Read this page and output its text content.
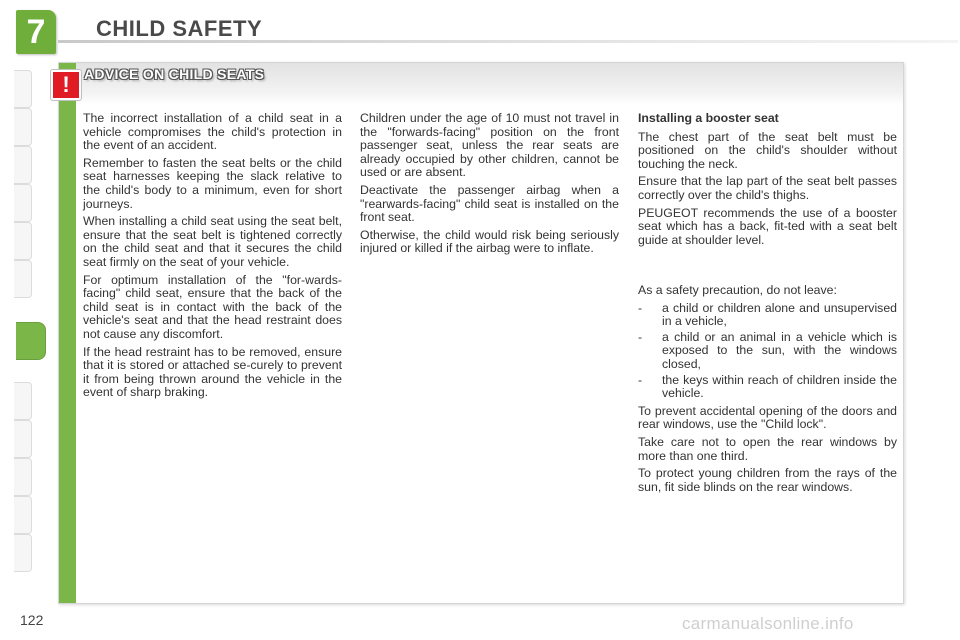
7 CHILD SAFETY
!	ADVICE ON CHILD SEATS

The incorrect installation of a child seat in a vehicle compromises the child's protection in the event of an accident.

Remember to fasten the seat belts or the child seat harnesses keeping the slack relative to the child's body to a minimum, even for short journeys.

When installing a child seat using the seat belt, ensure that the seat belt is tightened correctly on the child seat and that it secures the child seat firmly on the seat of your vehicle.

For optimum installation of the "for-wards-facing" child seat, ensure that the back of the child seat is in contact with the back of the vehicle's seat and that the head restraint does not cause any discomfort.

If the head restraint has to be removed, ensure that it is stored or attached se-curely to prevent it from being thrown around the vehicle in the event of sharp braking.

Children under the age of 10 must not travel in the "forwards-facing" position on the front passenger seat, unless the rear seats are already occupied by other children, cannot be used or are absent.

Deactivate the passenger airbag when a "rearwards-facing" child seat is installed on the front seat.

Otherwise, the child would risk being seriously injured or killed if the airbag were to inflate.

Installing a booster seat

The chest part of the seat belt must be positioned on the child's shoulder without touching the neck.

Ensure that the lap part of the seat belt passes correctly over the child's thighs.

PEUGEOT recommends the use of a booster seat which has a back, fit-ted with a seat belt guide at shoulder level.

As a safety precaution, do not leave:

- a child or children alone and unsupervised in a vehicle,
- a child or an animal in a vehicle which is exposed to the sun, with the windows closed,
- the keys within reach of children inside the vehicle.

To prevent accidental opening of the doors and rear windows, use the "Child lock".

Take care not to open the rear windows by more than one third.

To protect young children from the rays of the sun, fit side blinds on the rear windows.

122	carmanualsonline.info
